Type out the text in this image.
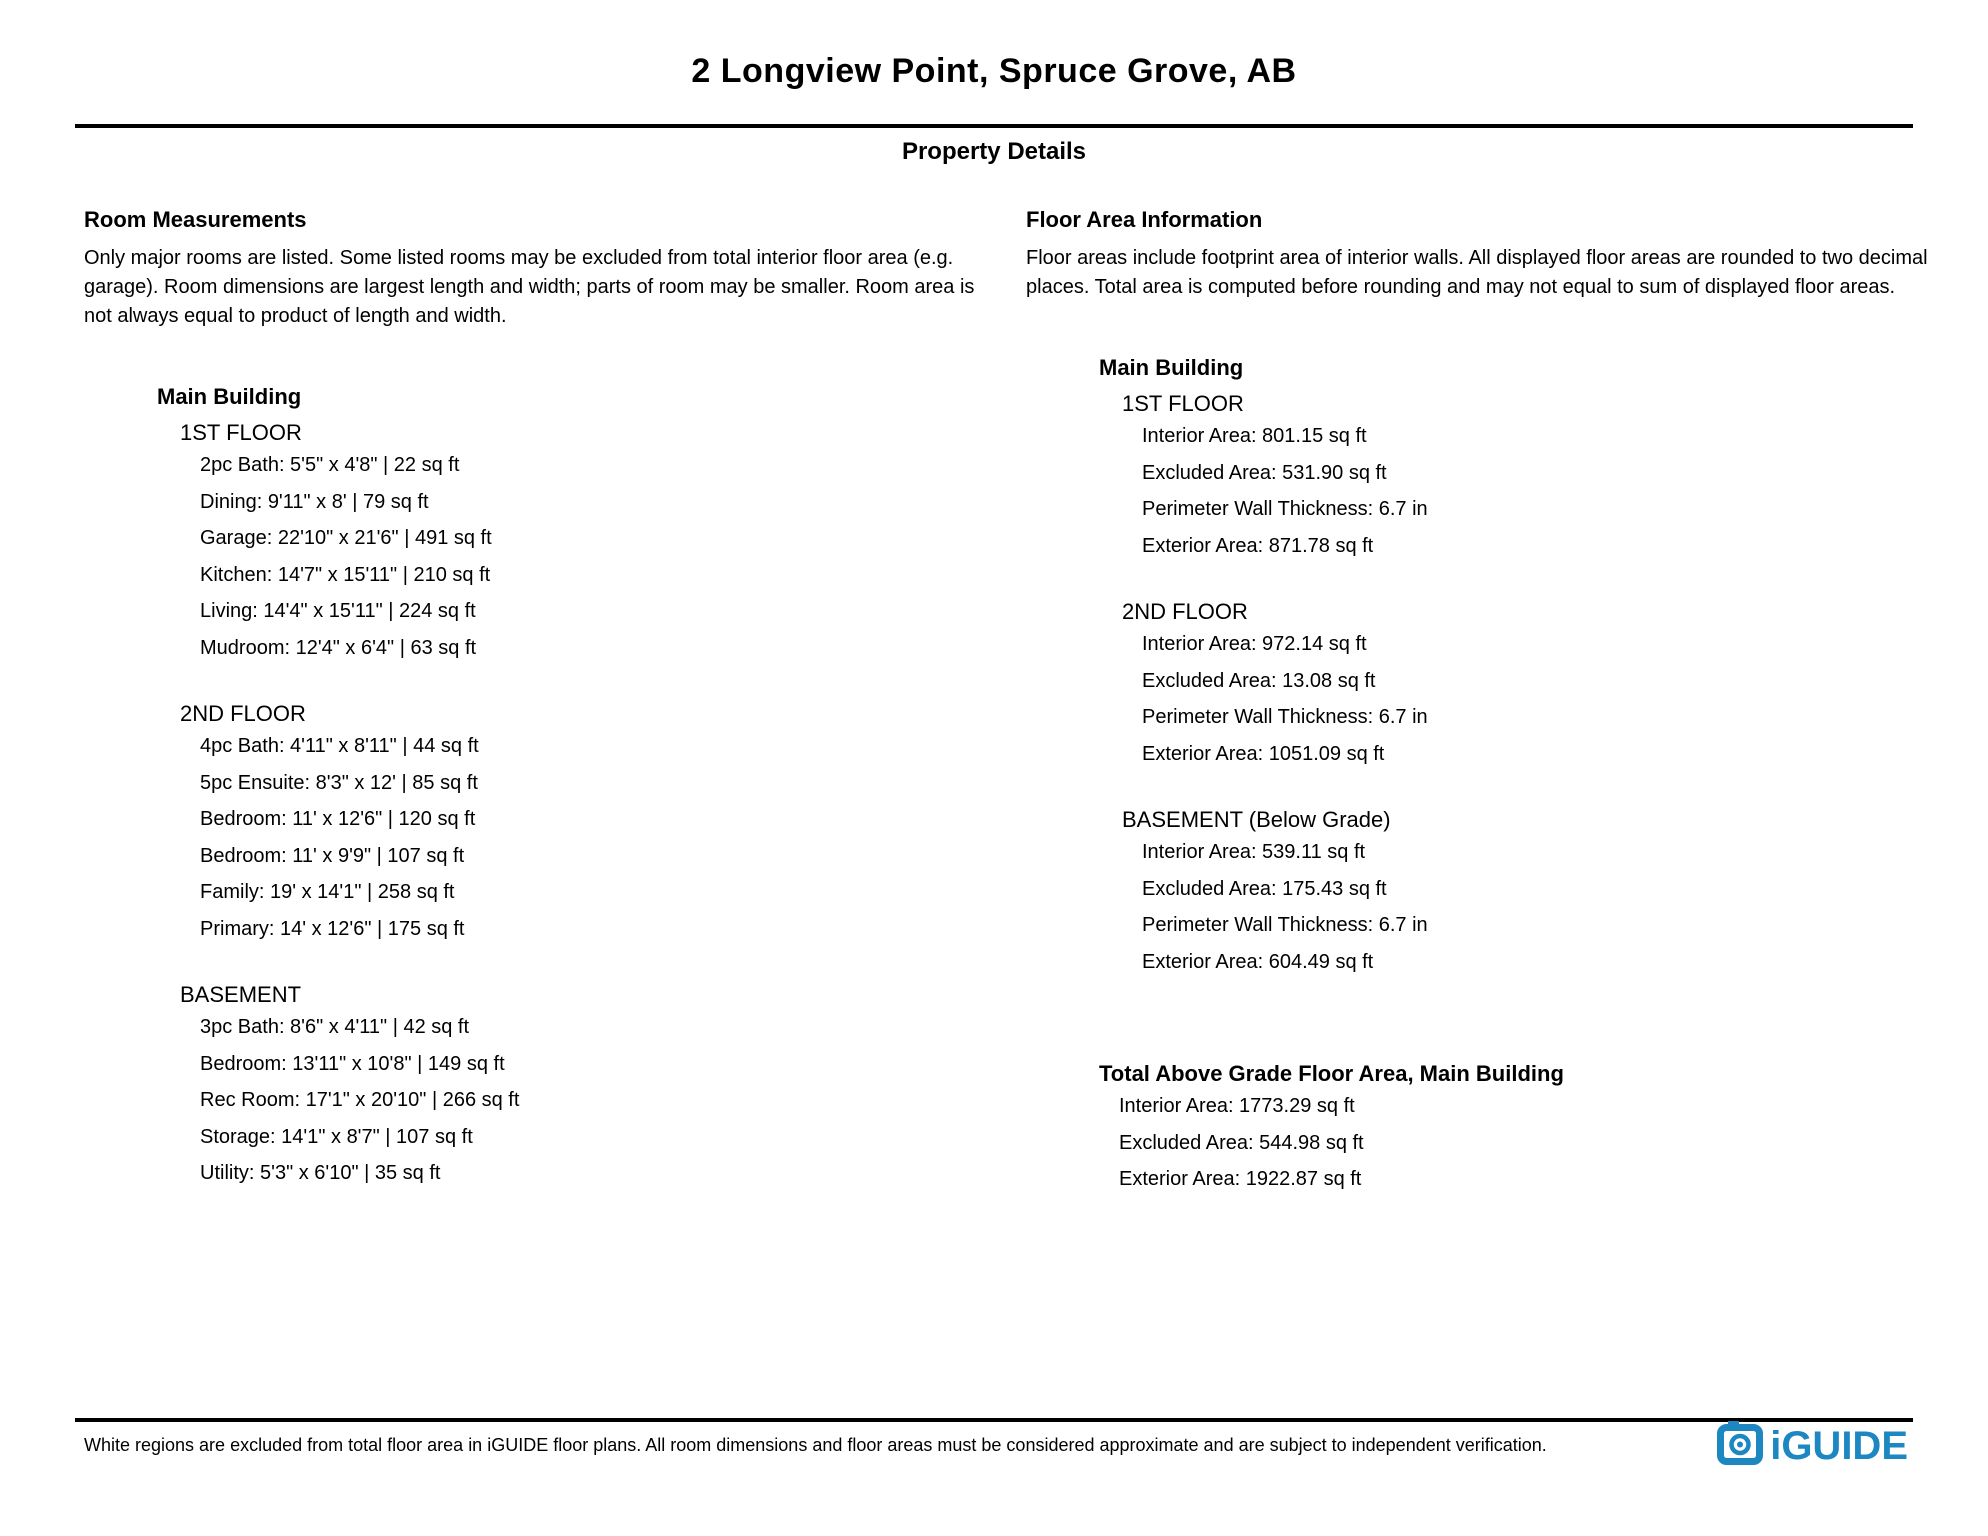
2 Longview Point, Spruce Grove, AB
Property Details
Room Measurements

Only major rooms are listed. Some listed rooms may be excluded from total interior floor area (e.g. garage). Room dimensions are largest length and width; parts of room may be smaller. Room area is not always equal to product of length and width.

Main Building
1ST FLOOR
2pc Bath: 5'5" x 4'8" | 22 sq ft
Dining: 9'11" x 8' | 79 sq ft
Garage: 22'10" x 21'6" | 491 sq ft
Kitchen: 14'7" x 15'11" | 210 sq ft
Living: 14'4" x 15'11" | 224 sq ft
Mudroom: 12'4" x 6'4" | 63 sq ft
2ND FLOOR
4pc Bath: 4'11" x 8'11" | 44 sq ft
5pc Ensuite: 8'3" x 12' | 85 sq ft
Bedroom: 11' x 12'6" | 120 sq ft
Bedroom: 11' x 9'9" | 107 sq ft
Family: 19' x 14'1" | 258 sq ft
Primary: 14' x 12'6" | 175 sq ft
BASEMENT
3pc Bath: 8'6" x 4'11" | 42 sq ft
Bedroom: 13'11" x 10'8" | 149 sq ft
Rec Room: 17'1" x 20'10" | 266 sq ft
Storage: 14'1" x 8'7" | 107 sq ft
Utility: 5'3" x 6'10" | 35 sq ft
Floor Area Information

Floor areas include footprint area of interior walls. All displayed floor areas are rounded to two decimal places. Total area is computed before rounding and may not equal to sum of displayed floor areas.

Main Building
1ST FLOOR
Interior Area: 801.15 sq ft
Excluded Area: 531.90 sq ft
Perimeter Wall Thickness: 6.7 in
Exterior Area: 871.78 sq ft
2ND FLOOR
Interior Area: 972.14 sq ft
Excluded Area: 13.08 sq ft
Perimeter Wall Thickness: 6.7 in
Exterior Area: 1051.09 sq ft
BASEMENT (Below Grade)
Interior Area: 539.11 sq ft
Excluded Area: 175.43 sq ft
Perimeter Wall Thickness: 6.7 in
Exterior Area: 604.49 sq ft
Total Above Grade Floor Area, Main Building
Interior Area: 1773.29 sq ft
Excluded Area: 544.98 sq ft
Exterior Area: 1922.87 sq ft
White regions are excluded from total floor area in iGUIDE floor plans. All room dimensions and floor areas must be considered approximate and are subject to independent verification.	iGUIDE
